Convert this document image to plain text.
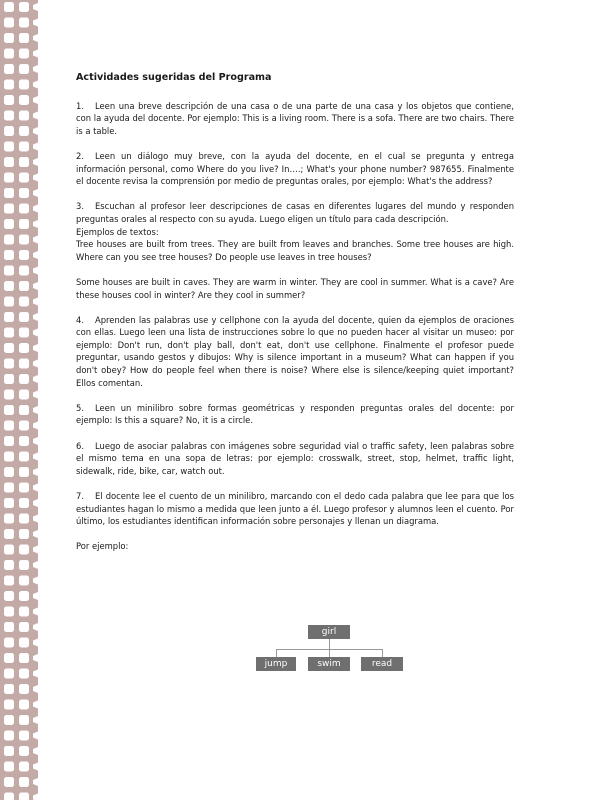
Actividades sugeridas del Programa

1. Leen una breve descripción de una casa o de una parte de una casa y los objetos que contiene, con la ayuda del docente. Por ejemplo: This is a living room. There is a sofa. There are two chairs. There is a table.

2. Leen un diálogo muy breve, con la ayuda del docente, en el cual se pregunta y entrega información personal, como Where do you live? In….; What's your phone number? 987655. Finalmente el docente revisa la comprensión por medio de preguntas orales, por ejemplo: What's the address?

3. Escuchan al profesor leer descripciones de casas en diferentes lugares del mundo y responden preguntas orales al respecto con su ayuda. Luego eligen un título para cada descripción.
Ejemplos de textos:
Tree houses are built from trees. They are built from leaves and branches. Some tree houses are high. Where can you see tree houses? Do people use leaves in tree houses?
Some houses are built in caves. They are warm in winter. They are cool in summer. What is a cave? Are these houses cool in winter? Are they cool in summer?

4. Aprenden las palabras use y cellphone con la ayuda del docente, quien da ejemplos de oraciones con ellas. Luego leen una lista de instrucciones sobre lo que no pueden hacer al visitar un museo: por ejemplo: Don't run, don't play ball, don't eat, don't use cellphone. Finalmente el profesor puede preguntar, usando gestos y dibujos: Why is silence important in a museum? What can happen if you don't obey? How do people feel when there is noise? Where else is silence/keeping quiet important? Ellos comentan.

5. Leen un minilibro sobre formas geométricas y responden preguntas orales del docente: por ejemplo: Is this a square? No, it is a circle.

6. Luego de asociar palabras con imágenes sobre seguridad vial o traffic safety, leen palabras sobre el mismo tema en una sopa de letras: por ejemplo: crosswalk, street, stop, helmet, traffic light, sidewalk, ride, bike, car, watch out.

7. El docente lee el cuento de un minilibro, marcando con el dedo cada palabra que lee para que los estudiantes hagan lo mismo a medida que leen junto a él. Luego profesor y alumnos leen el cuento. Por último, los estudiantes identifican información sobre personajes y llenan un diagrama.

Por ejemplo:

girl
jump	swim	read
